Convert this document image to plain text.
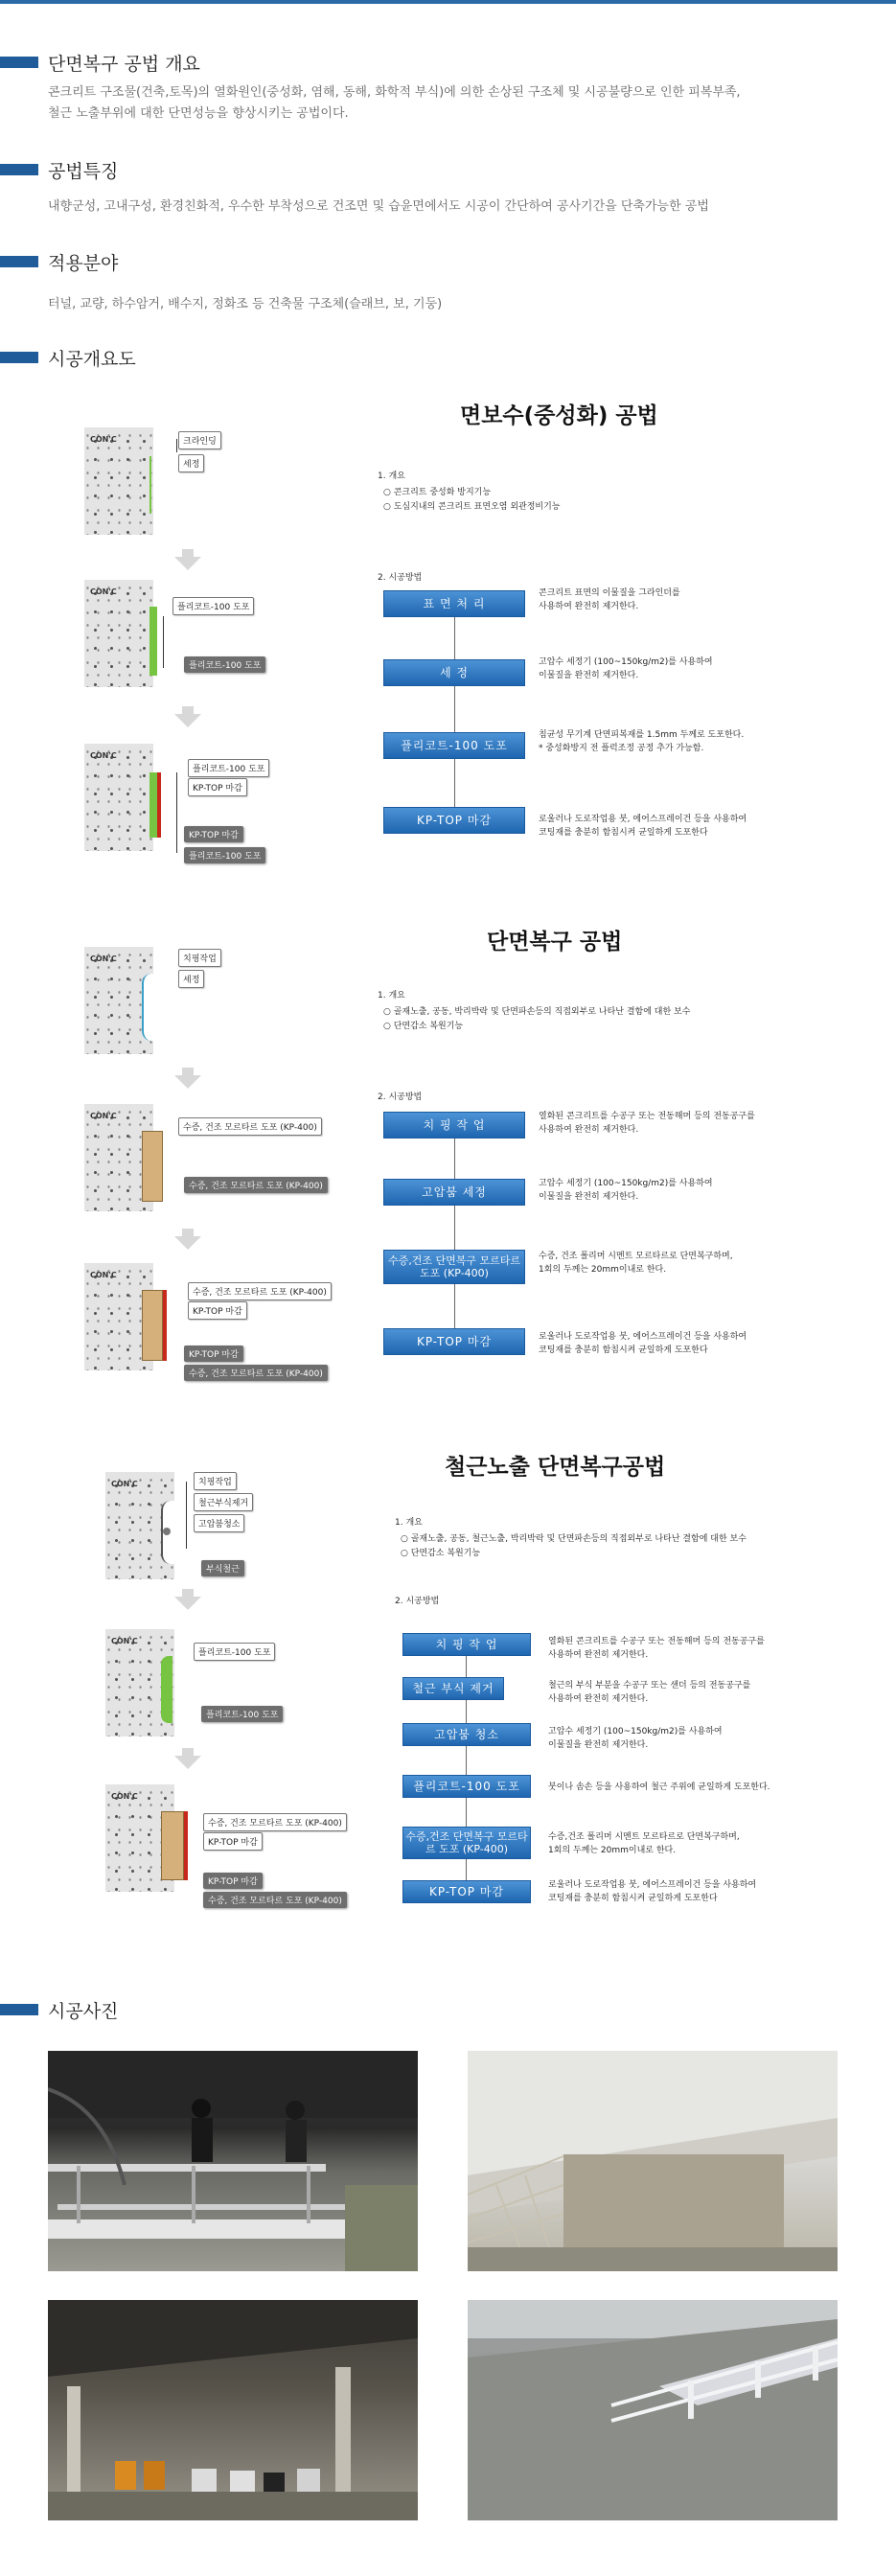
단면복구 공법 개요
콘크리트 구조물(건축,토목)의 열화원인(중성화, 염해, 동해, 화학적 부식)에 의한 손상된 구조체 및 시공불량으로 인한 피복부족,
철근 노출부위에 대한 단면성능을 향상시키는 공법이다.
공법특징
내향군성, 고내구성, 환경친화적, 우수한 부착성으로 건조면 및 습윤면에서도 시공이 간단하여 공사기간을 단축가능한 공법
적용분야
터널, 교량, 하수암거, 배수지, 정화조 등 건축물 구조체(슬래브, 보, 기둥)
시공개요도
면보수(중성화) 공법
CON'C	크라인딩
세정
CON'C
플리코트-100 도포
플리코트-100 도포
CON'C
플리코트-100 도포
KP-TOP 마감
KP-TOP 마감
플리코트-100 도포
1. 개요
○ 콘크리트 중성화 방지기능
○ 도심지내의 콘크리트 표면오염 외관정비기능
2. 시공방법
표 면 처 리
콘크리트 표면의 이물질을 그라인더를
사용하여 완전히 제거한다.
세 정
고압수 세정기 (100~150kg/m2)를 사용하여
이물질을 완전히 제거한다.
플리코트-100 도포
침균성 무기계 단면피복재를 1.5mm 두께로 도포한다.
* 중성화방지 전 플럭조정 공정 추가 가능함.
KP-TOP 마감	로울러나 도로작업용 붓, 에어스프레이건 등을 사용하여
코팅재를 충분히 함침시켜 균일하게 도포한다
단면복구 공법
CON'C	치핑작업
세정
CON'C
수증, 건조 모르타르 도포 (KP-400)
수증, 건조 모르타르 도포 (KP-400)
CON'C
수증, 건조 모르타르 도포 (KP-400)
KP-TOP 마감
KP-TOP 마감
수증, 건조 모르타르 도포 (KP-400)
1. 개요
○ 골재노출, 공동, 박리박락 및 단면파손등의 직접외부로 나타난 결함에 대한 보수
○ 단면감소 복원기능
2. 시공방법
치 핑 작 업
열화된 콘크리트를 수공구 또는 전동해머 등의 전동공구를
사용하여 완전히 제거한다.
고압붐 세정
고압수 세정기 (100~150kg/m2)를 사용하여
이물질을 완전히 제거한다.
수증,건조 단면복구 모르타르 도포 (KP-400)
수증, 건조 폴리머 시멘트 모르타르로 단면복구하며,
1회의 두께는 20mm이내로 한다.
KP-TOP 마감	로울러나 도로작업용 붓, 에어스프레이건 등을 사용하여
코팅재를 충분히 함침시켜 균일하게 도포한다
철근노출 단면복구공법
CON'C	치핑작업
철근부식제거
고압붐청소
부식철근
CON'C
플리코트-100 도포
플리코트-100 도포
CON'C
수증, 건조 모르타르 도포 (KP-400)
KP-TOP 마감
KP-TOP 마감
수증, 건조 모르타르 도포 (KP-400)
1. 개요
○ 골재노출, 공동, 철근노출, 박리박락 및 단면파손등의 직접외부로 나타난 결함에 대한 보수
○ 단면감소 복원기능
2. 시공방법
치 핑 작 업	열화된 콘크리트를 수공구 또는 전동해머 등의 전동공구를
사용하여 완전히 제거한다.
철근 부식 제거	철근의 부식 부분을 수공구 또는 샌더 등의 전동공구를
사용하여 완전히 제거한다.
고압붐 청소	고압수 세정기 (100~150kg/m2)를 사용하여
이물질을 완전히 제거한다.
플리코트-100 도포	붓이나 솜손 등을 사용하여 철근 주위에 균일하게 도포한다.
수증,건조 단면복구 모르타르 도포 (KP-400)
수증,건조 폴리머 시멘트 모르타르로 단면복구하며,
1회의 두께는 20mm이내로 한다.
KP-TOP 마감	로울러나 도로작업용 붓, 에어스프레이건 등을 사용하여
코팅재를 충분히 함침시켜 균일하게 도포한다
시공사진
